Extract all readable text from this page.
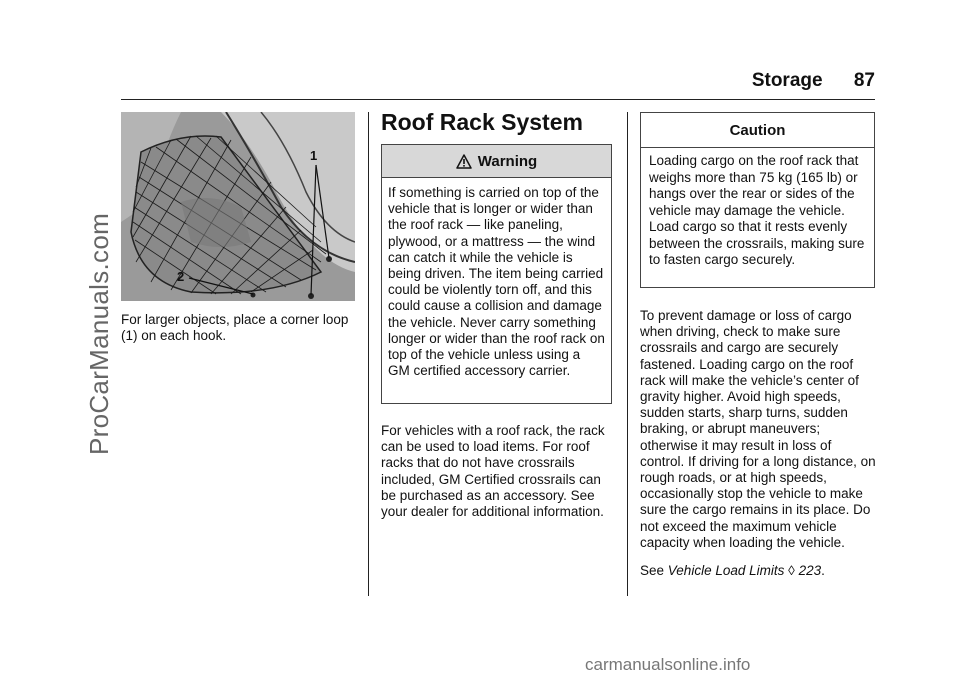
Storage 87
ProCarManuals.com
1
2
For larger objects, place a corner loop (1) on each hook.
Roof Rack System
Warning
If something is carried on top of the vehicle that is longer or wider than the roof rack — like paneling, plywood, or a mattress — the wind can catch it while the vehicle is being driven. The item being carried could be violently torn off, and this could cause a collision and damage the vehicle. Never carry something longer or wider than the roof rack on top of the vehicle unless using a GM certified accessory carrier.
For vehicles with a roof rack, the rack can be used to load items. For roof racks that do not have crossrails included, GM Certified crossrails can be purchased as an accessory. See your dealer for additional information.
Caution
Loading cargo on the roof rack that weighs more than 75 kg (165 lb) or hangs over the rear or sides of the vehicle may damage the vehicle. Load cargo so that it rests evenly between the crossrails, making sure to fasten cargo securely.
To prevent damage or loss of cargo when driving, check to make sure crossrails and cargo are securely fastened. Loading cargo on the roof rack will make the vehicle’s center of gravity higher. Avoid high speeds, sudden starts, sharp turns, sudden braking, or abrupt maneuvers; otherwise it may result in loss of control. If driving for a long distance, on rough roads, or at high speeds, occasionally stop the vehicle to make sure the cargo remains in its place. Do not exceed the maximum vehicle capacity when loading the vehicle.
See Vehicle Load Limits ◊ 223.
carmanualsonline.info
